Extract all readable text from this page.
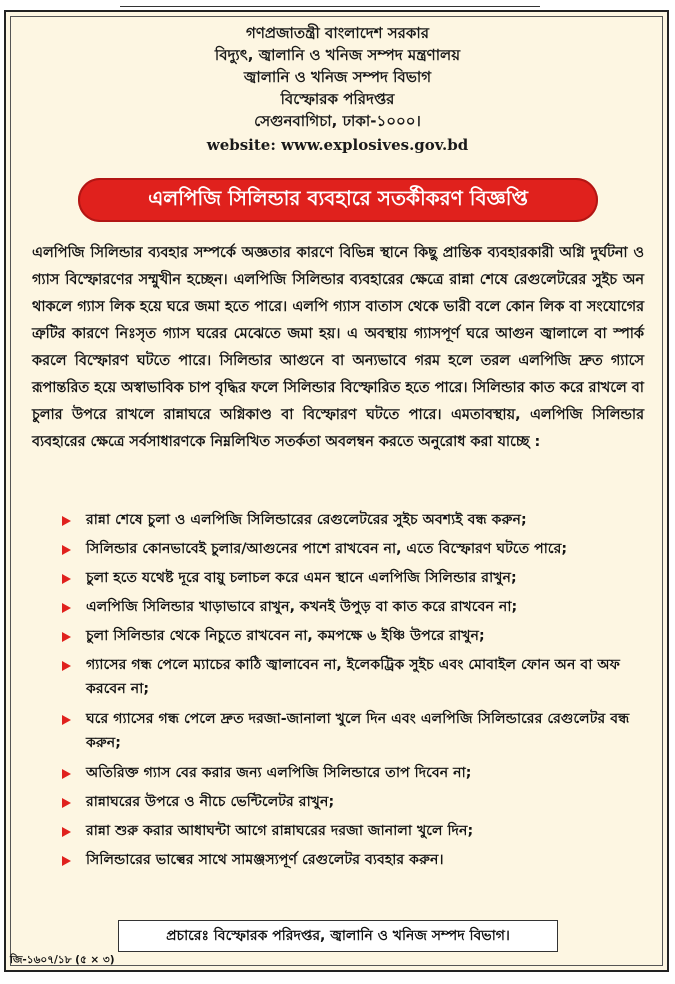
গণপ্রজাতন্ত্রী বাংলাদেশ সরকার
বিদ্যুৎ, জ্বালানি ও খনিজ সম্পদ মন্ত্রণালয়
জ্বালানি ও খনিজ সম্পদ বিভাগ
বিস্ফোরক পরিদপ্তর
সেগুনবাগিচা, ঢাকা-১০০০।
website: www.explosives.gov.bd
এলপিজি সিলিন্ডার ব্যবহারে সতর্কীকরণ বিজ্ঞপ্তি
এলপিজি সিলিন্ডার ব্যবহার সম্পর্কে অজ্ঞতার কারণে বিভিন্ন স্থানে কিছু প্রান্তিক ব্যবহারকারী অগ্নি দুর্ঘটনা ও গ্যাস বিস্ফোরণের সম্মুখীন হচ্ছেন। এলপিজি সিলিন্ডার ব্যবহারের ক্ষেত্রে রান্না শেষে রেগুলেটরের সুইচ অন থাকলে গ্যাস লিক হয়ে ঘরে জমা হতে পারে। এলপি গ্যাস বাতাস থেকে ভারী বলে কোন লিক বা সংযোগের ত্রুটির কারণে নিঃসৃত গ্যাস ঘরের মেঝেতে জমা হয়। এ অবস্থায় গ্যাসপূর্ণ ঘরে আগুন জ্বালালে বা স্পার্ক করলে বিস্ফোরণ ঘটতে পারে। সিলিন্ডার আগুনে বা অন্যভাবে গরম হলে তরল এলপিজি দ্রুত গ্যাসে রূপান্তরিত হয়ে অস্বাভাবিক চাপ বৃদ্ধির ফলে সিলিন্ডার বিস্ফোরিত হতে পারে। সিলিন্ডার কাত করে রাখলে বা চুলার উপরে রাখলে রান্নাঘরে অগ্নিকাণ্ড বা বিস্ফোরণ ঘটতে পারে। এমতাবস্থায়, এলপিজি সিলিন্ডার ব্যবহারের ক্ষেত্রে সর্বসাধারণকে নিম্নলিখিত সতর্কতা অবলম্বন করতে অনুরোধ করা যাচ্ছে :
রান্না শেষে চুলা ও এলপিজি সিলিন্ডারের রেগুলেটরের সুইচ অবশ্যই বন্ধ করুন;
সিলিন্ডার কোনভাবেই চুলার/আগুনের পাশে রাখবেন না, এতে বিস্ফোরণ ঘটতে পারে;
চুলা হতে যথেষ্ট দূরে বায়ু চলাচল করে এমন স্থানে এলপিজি সিলিন্ডার রাখুন;
এলপিজি সিলিন্ডার খাড়াভাবে রাখুন, কখনই উপুড় বা কাত করে রাখবেন না;
চুলা সিলিন্ডার থেকে নিচুতে রাখবেন না, কমপক্ষে ৬ ইঞ্চি উপরে রাখুন;
গ্যাসের গন্ধ পেলে ম্যাচের কাঠি জ্বালাবেন না, ইলেকট্রিক সুইচ এবং মোবাইল ফোন অন বা অফ করবেন না;
ঘরে গ্যাসের গন্ধ পেলে দ্রুত দরজা-জানালা খুলে দিন এবং এলপিজি সিলিন্ডারের রেগুলেটর বন্ধ করুন;
অতিরিক্ত গ্যাস বের করার জন্য এলপিজি সিলিন্ডারে তাপ দিবেন না;
রান্নাঘরের উপরে ও নীচে ভেন্টিলেটর রাখুন;
রান্না শুরু করার আধাঘন্টা আগে রান্নাঘরের দরজা জানালা খুলে দিন;
সিলিন্ডারের ভাল্বের সাথে সামঞ্জস্যপূর্ণ রেগুলেটর ব্যবহার করুন।
প্রচারেঃ বিস্ফোরক পরিদপ্তর, জ্বালানি ও খনিজ সম্পদ বিভাগ।
জি-১৬০৭/১৮ (৫ × ৩)
